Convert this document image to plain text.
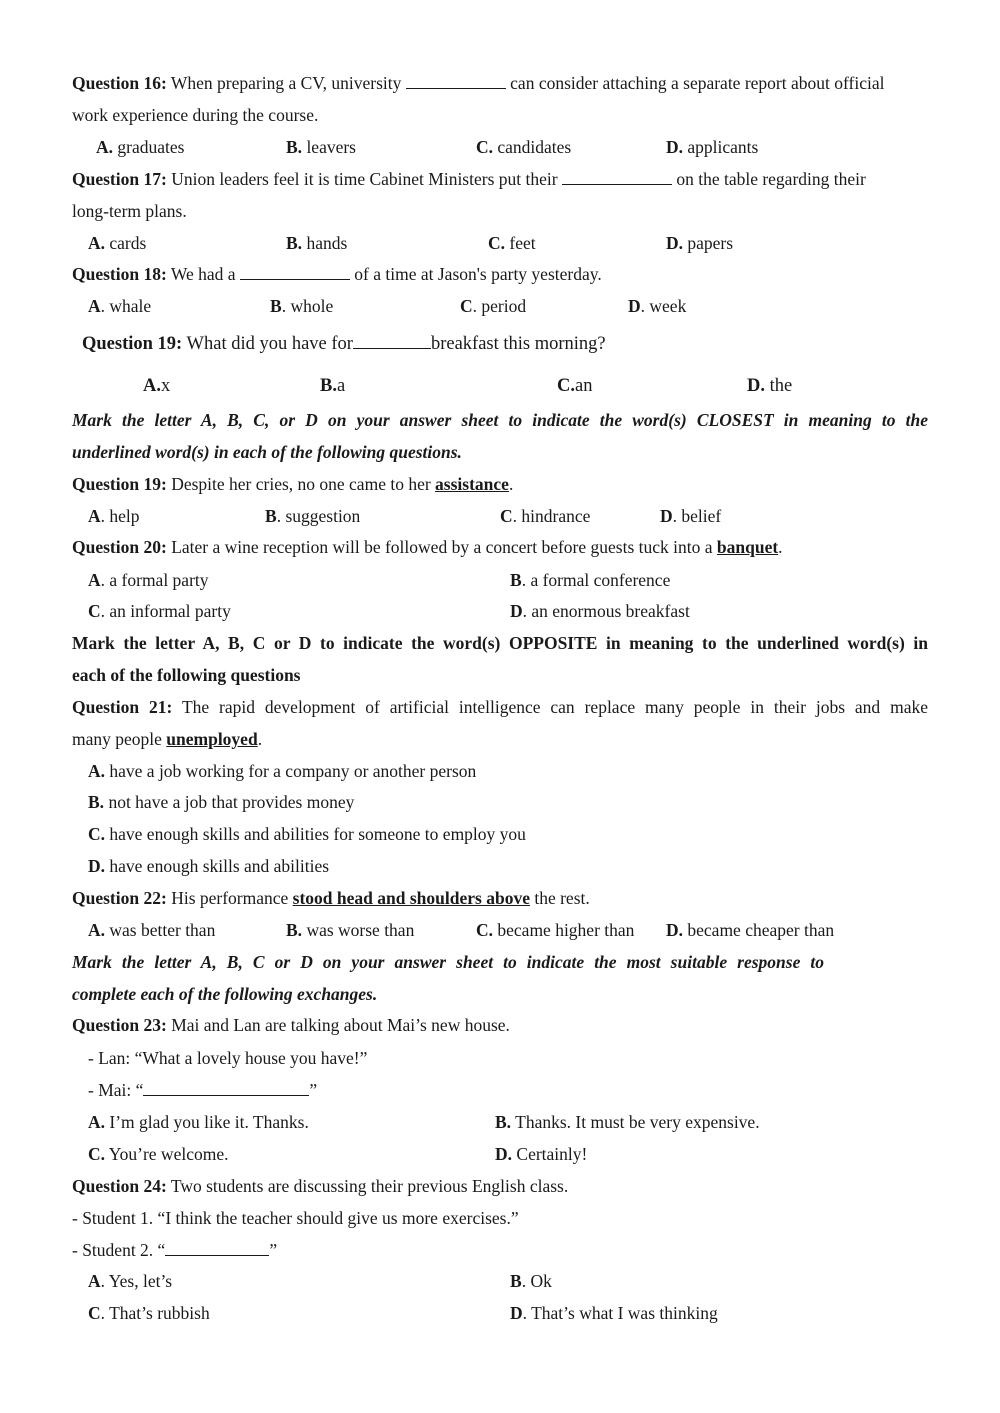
Question 16: When preparing a CV, university	can consider attaching a separate report about official
work experience during the course.
A. graduates	B. leavers	C. candidates	D. applicants
Question 17: Union leaders feel it is time Cabinet Ministers put their	on the table regarding their
long-term plans.
A. cards	B. hands	C. feet	D. papers
Question 18: We had a	of a time at Jason's party yesterday.
A. whale	B. whole	C. period	D. week
Question 19: What did you have for	breakfast this morning?
A.x	B.a	C.an	D. the
Mark the letter A, B, C, or D on your answer sheet to indicate the word(s) CLOSEST in meaning to the
underlined word(s) in each of the following questions.
Question 19: Despite her cries, no one came to her assistance.
A. help	B. suggestion	C. hindrance	D. belief
Question 20: Later a wine reception will be followed by a concert before guests tuck into a banquet.
A. a formal party	B. a formal conference
C. an informal party	D. an enormous breakfast
Mark the letter A, B, C or D to indicate the word(s) OPPOSITE in meaning to the underlined word(s) in
each of the following questions
Question 21: The rapid development of artificial intelligence can replace many people in their jobs and make
many people unemployed.
A. have a job working for a company or another person
B. not have a job that provides money
C. have enough skills and abilities for someone to employ you
D. have enough skills and abilities
Question 22: His performance stood head and shoulders above the rest.
A. was better than	B. was worse than	C. became higher than D. became cheaper than
Mark the letter A, B, C or D on your answer sheet to indicate the most suitable response to
complete each of the following exchanges.
Question 23: Mai and Lan are talking about Mai’s new house.
- Lan: “What a lovely house you have!”
- Mai: “	”
A. I’m glad you like it. Thanks.	B. Thanks. It must be very expensive.
C. You’re welcome.	D. Certainly!
Question 24: Two students are discussing their previous English class.
- Student 1. “I think the teacher should give us more exercises.”
- Student 2. “	”
A. Yes, let’s	B. Ok
C. That’s rubbish	D. That’s what I was thinking
